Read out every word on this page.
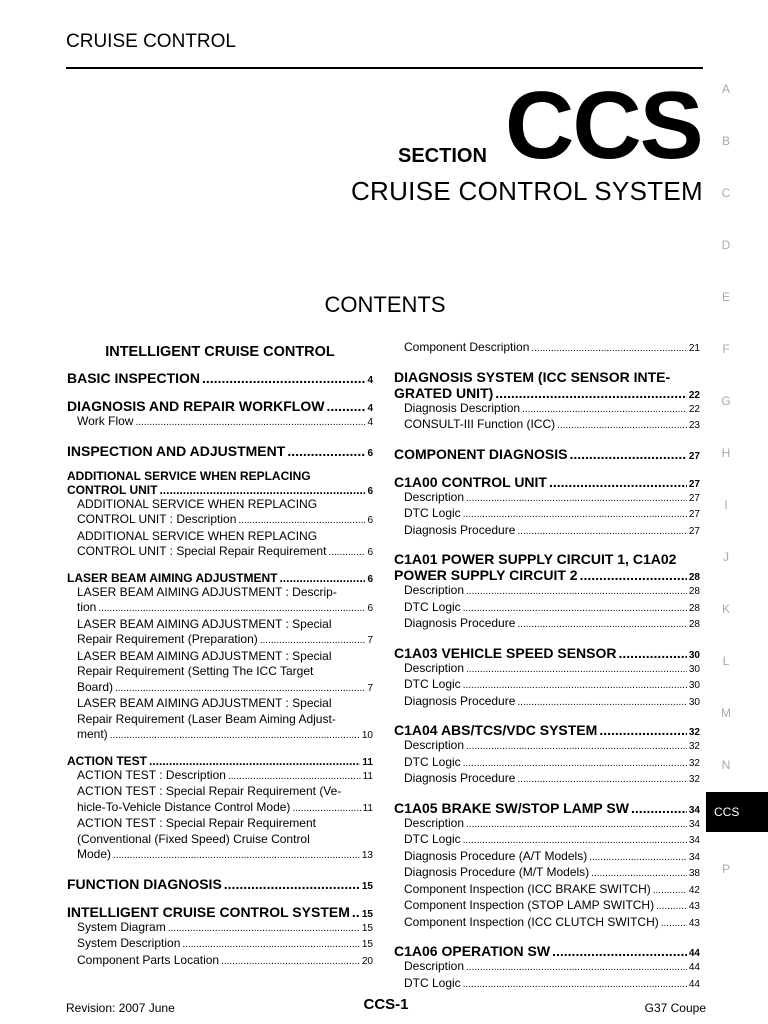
CRUISE CONTROL
SECTION CCS
CRUISE CONTROL SYSTEM
CONTENTS
INTELLIGENT CRUISE CONTROL
BASIC INSPECTION .....	4
DIAGNOSIS AND REPAIR WORKFLOW .....	4
Work Flow .....	4
INSPECTION AND ADJUSTMENT .....	6
ADDITIONAL SERVICE WHEN REPLACING
CONTROL UNIT .....	6
ADDITIONAL SERVICE WHEN REPLACING
CONTROL UNIT : Description .....	6
ADDITIONAL SERVICE WHEN REPLACING
CONTROL UNIT : Special Repair Requirement .....	6
LASER BEAM AIMING ADJUSTMENT .....	6
LASER BEAM AIMING ADJUSTMENT : Descrip-
tion .....	6
LASER BEAM AIMING ADJUSTMENT : Special
Repair Requirement (Preparation) .....	7
LASER BEAM AIMING ADJUSTMENT : Special
Repair Requirement (Setting The ICC Target
Board) .....	7
LASER BEAM AIMING ADJUSTMENT : Special
Repair Requirement (Laser Beam Aiming Adjust-
ment) .....	10
ACTION TEST .....	11
ACTION TEST : Description .....	11
ACTION TEST : Special Repair Requirement (Ve-
hicle-To-Vehicle Distance Control Mode) .....	11
ACTION TEST : Special Repair Requirement
(Conventional (Fixed Speed) Cruise Control
Mode) .....	13
FUNCTION DIAGNOSIS .....	15
INTELLIGENT CRUISE CONTROL SYSTEM ..... 15
System Diagram .....	15
System Description .....	15
Component Parts Location .....	20
Component Description .....	21
DIAGNOSIS SYSTEM (ICC SENSOR INTE-
GRATED UNIT) .....	22
Diagnosis Description .....	22
CONSULT-III Function (ICC) .....	23
COMPONENT DIAGNOSIS .....	27
C1A00 CONTROL UNIT .....	27
Description .....	27
DTC Logic .....	27
Diagnosis Procedure .....	27
C1A01 POWER SUPPLY CIRCUIT 1, C1A02
POWER SUPPLY CIRCUIT 2 .....	28
Description .....	28
DTC Logic .....	28
Diagnosis Procedure .....	28
C1A03 VEHICLE SPEED SENSOR .....	30
Description .....	30
DTC Logic .....	30
Diagnosis Procedure .....	30
C1A04 ABS/TCS/VDC SYSTEM .....	32
Description .....	32
DTC Logic .....	32
Diagnosis Procedure .....	32
C1A05 BRAKE SW/STOP LAMP SW .....	34
Description .....	34
DTC Logic .....	34
Diagnosis Procedure (A/T Models) .....	34
Diagnosis Procedure (M/T Models) .....	38
Component Inspection (ICC BRAKE SWITCH) .....	42
Component Inspection (STOP LAMP SWITCH) .....	43
Component Inspection (ICC CLUTCH SWITCH) .....	43
C1A06 OPERATION SW .....	44
Description .....	44
DTC Logic .....	44
A
B
C
D
E
F
G
H
I
J
K
L
M
N
P
CCS
Revision: 2007 June	CCS-1	G37 Coupe
